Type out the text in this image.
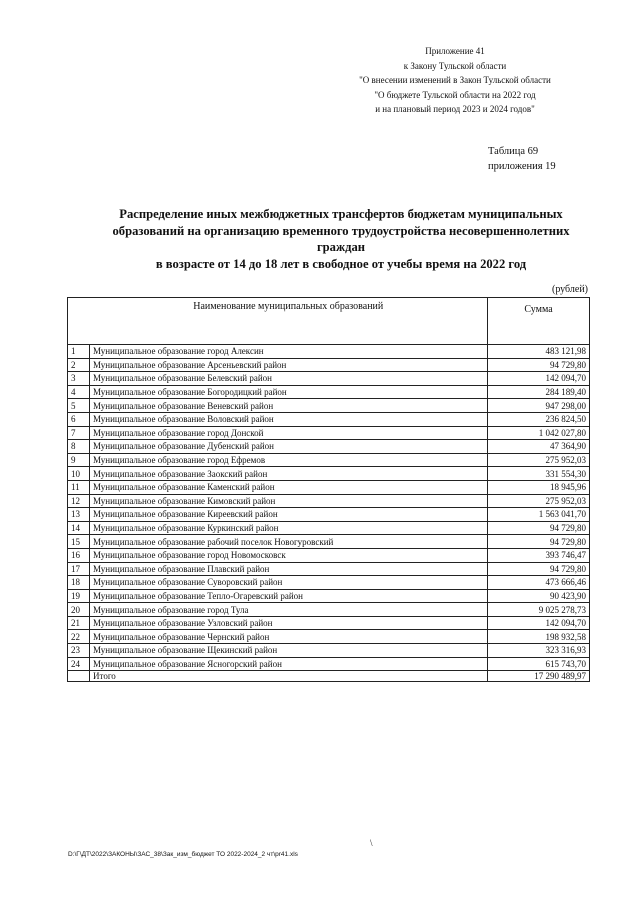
Приложение 41
к Закону Тульской области
"О внесении изменений в Закон Тульской области
"О бюджете Тульской области на 2022 год
и на плановый период 2023 и 2024 годов"
Таблица 69
приложения 19
Распределение иных межбюджетных трансфертов бюджетам муниципальных
образований на организацию временного трудоустройства несовершеннолетних граждан
в возрасте от 14 до 18 лет в свободное от учебы время на 2022 год
(рублей)
	Наименование муниципальных образований	Сумма
1	Муниципальное образование город Алексин	483 121,98
2	Муниципальное образование Арсеньевский район	94 729,80
3	Муниципальное образование Белевский район	142 094,70
4	Муниципальное образование Богородицкий район	284 189,40
5	Муниципальное образование Веневский район	947 298,00
6	Муниципальное образование Воловский район	236 824,50
7	Муниципальное образование город Донской	1 042 027,80
8	Муниципальное образование Дубенский район	47 364,90
9	Муниципальное образование город Ефремов	275 952,03
10	Муниципальное образование Заокский район	331 554,30
11	Муниципальное образование Каменский район	18 945,96
12	Муниципальное образование Кимовский район	275 952,03
13	Муниципальное образование Киреевский район	1 563 041,70
14	Муниципальное образование Куркинский район	94 729,80
15	Муниципальное образование рабочий поселок Новогуровский	94 729,80
16	Муниципальное образование город Новомосковск	393 746,47
17	Муниципальное образование Плавский район	94 729,80
18	Муниципальное образование Суворовский район	473 666,46
19	Муниципальное образование Тепло-Огаревский район	90 423,90
20	Муниципальное образование город Тула	9 025 278,73
21	Муниципальное образование Узловский район	142 094,70
22	Муниципальное образование Чернский район	198 932,58
23	Муниципальное образование Щекинский район	323 316,93
24	Муниципальное образование Ясногорский район	615 743,70
	Итого	17 290 489,97
\
D:\Г\ДТ\2022\ЗАКОНЫ\ЗАС_38\Зак_изм_бюджет ТО 2022-2024_2 чт\pr41.xls
